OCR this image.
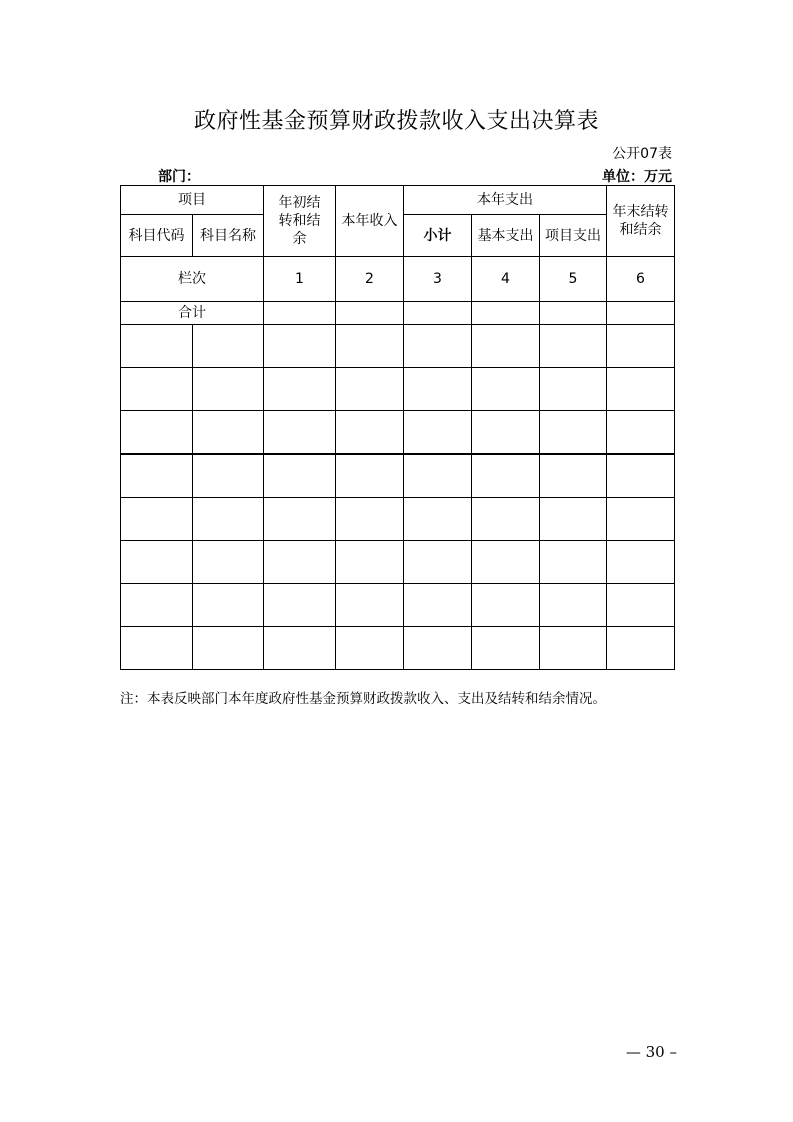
政府性基金预算财政拨款收入支出决算表
公开07表
部门：	单位：万元
项目		年初结转和结余	本年收入	本年支出			年末结转和结余
科目代码	科目名称			小计	基本支出	项目支出	
栏次		1	2	3	4	5	6
合计							

注：本表反映部门本年度政府性基金预算财政拨款收入、支出及结转和结余情况。
— 30 –
